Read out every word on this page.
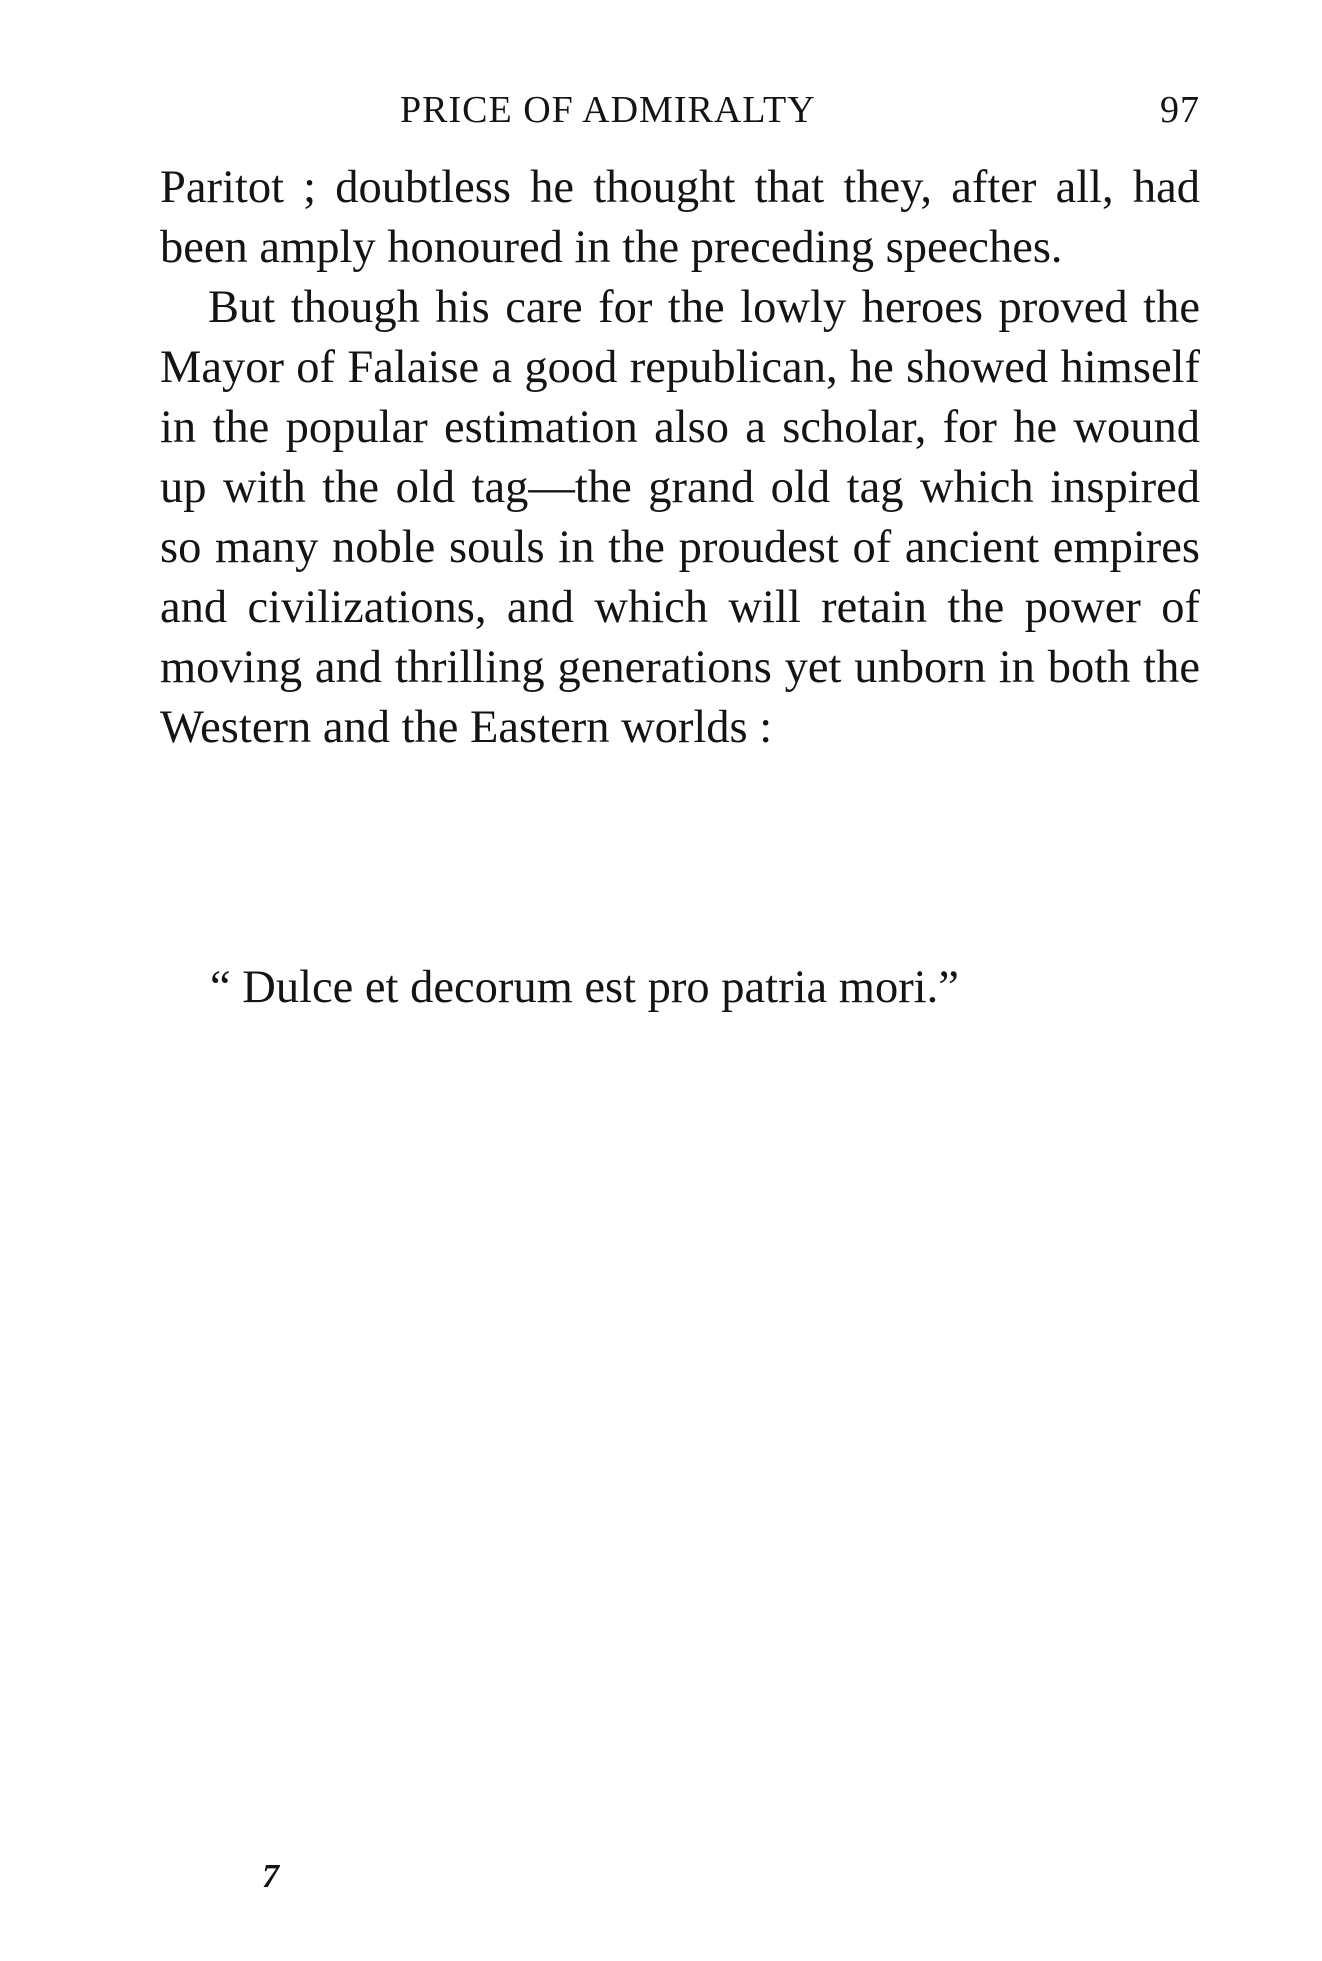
PRICE OF ADMIRALTY	97

Paritot ; doubtless he thought that they, after all, had been amply honoured in the preceding speeches.

But though his care for the lowly heroes proved the Mayor of Falaise a good republican, he showed himself in the popular estimation also a scholar, for he wound up with the old tag—the grand old tag which inspired so many noble souls in the proudest of ancient empires and civilizations, and which will retain the power of moving and thrilling generations yet unborn in both the Western and the Eastern worlds :

“ Dulce et decorum est pro patria mori.”
7
